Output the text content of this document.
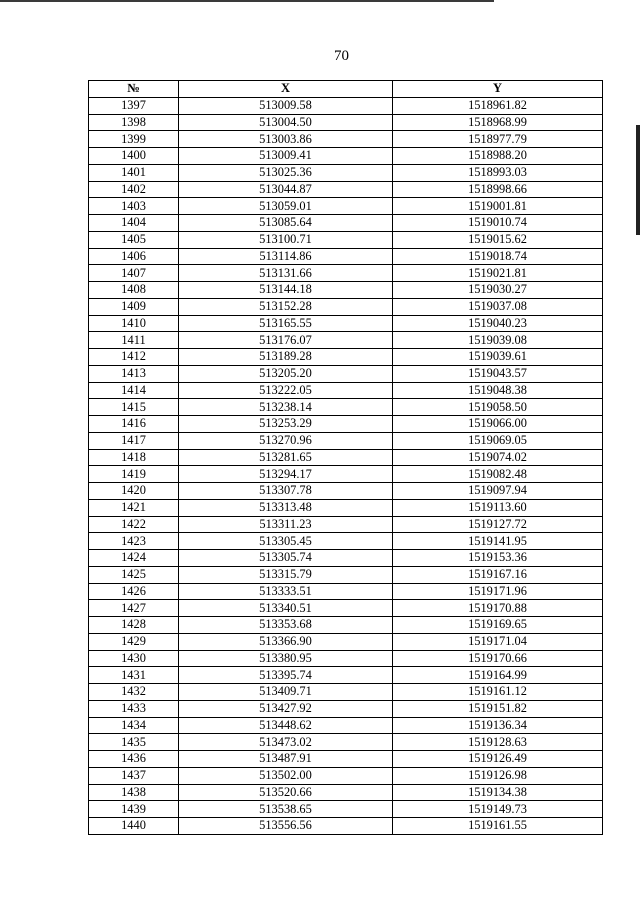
70
№	X	Y
1397	513009.58	1518961.82
1398	513004.50	1518968.99
1399	513003.86	1518977.79
1400	513009.41	1518988.20
1401	513025.36	1518993.03
1402	513044.87	1518998.66
1403	513059.01	1519001.81
1404	513085.64	1519010.74
1405	513100.71	1519015.62
1406	513114.86	1519018.74
1407	513131.66	1519021.81
1408	513144.18	1519030.27
1409	513152.28	1519037.08
1410	513165.55	1519040.23
1411	513176.07	1519039.08
1412	513189.28	1519039.61
1413	513205.20	1519043.57
1414	513222.05	1519048.38
1415	513238.14	1519058.50
1416	513253.29	1519066.00
1417	513270.96	1519069.05
1418	513281.65	1519074.02
1419	513294.17	1519082.48
1420	513307.78	1519097.94
1421	513313.48	1519113.60
1422	513311.23	1519127.72
1423	513305.45	1519141.95
1424	513305.74	1519153.36
1425	513315.79	1519167.16
1426	513333.51	1519171.96
1427	513340.51	1519170.88
1428	513353.68	1519169.65
1429	513366.90	1519171.04
1430	513380.95	1519170.66
1431	513395.74	1519164.99
1432	513409.71	1519161.12
1433	513427.92	1519151.82
1434	513448.62	1519136.34
1435	513473.02	1519128.63
1436	513487.91	1519126.49
1437	513502.00	1519126.98
1438	513520.66	1519134.38
1439	513538.65	1519149.73
1440	513556.56	1519161.55
